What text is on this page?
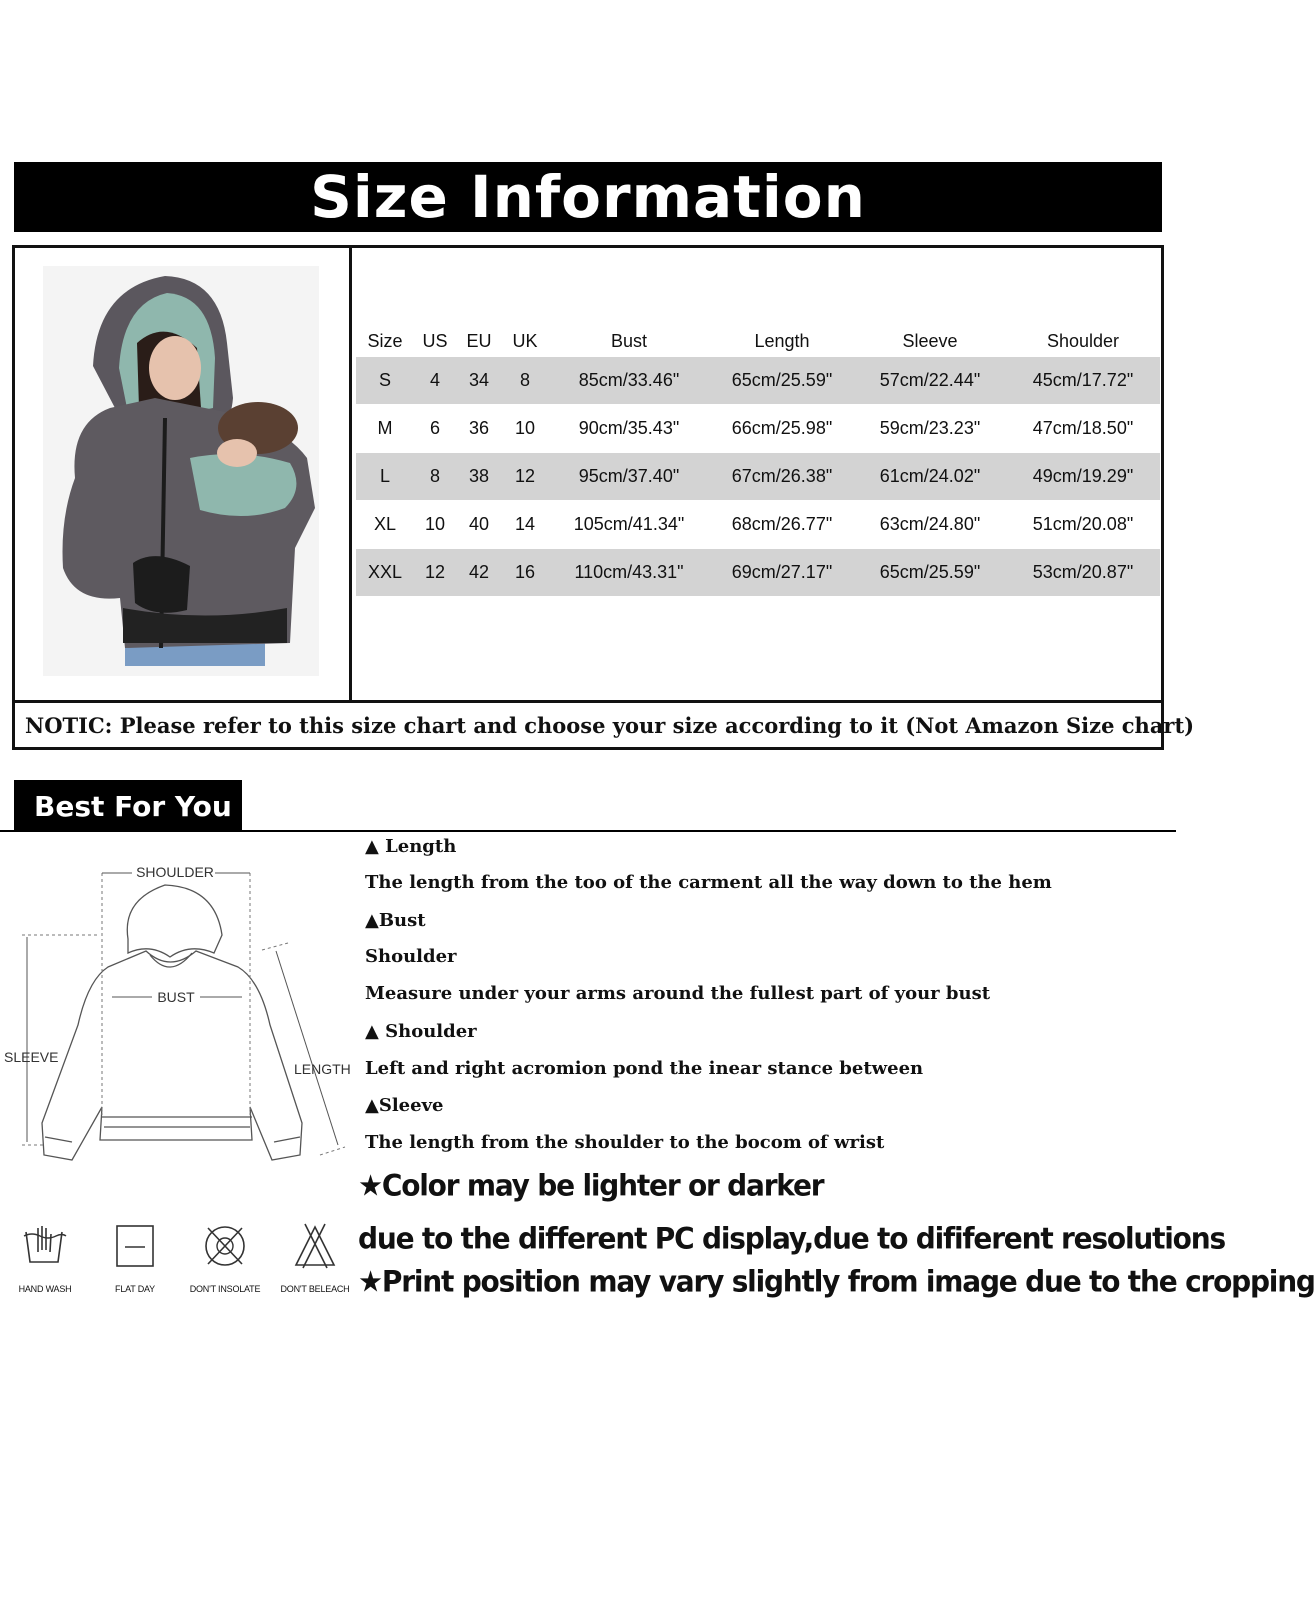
Size Information
NOTIC: Please refer to this size chart and choose your size according to it (Not Amazon Size chart)
Size	US	EU	UK	Bust	Length	Sleeve	Shoulder
S	4	34	8	85cm/33.46"	65cm/25.59"	57cm/22.44"	45cm/17.72"
M	6	36	10	90cm/35.43"	66cm/25.98"	59cm/23.23"	47cm/18.50"
L	8	38	12	95cm/37.40"	67cm/26.38"	61cm/24.02"	49cm/19.29"
XL	10	40	14	105cm/41.34"	68cm/26.77"	63cm/24.80"	51cm/20.08"
XXL	12	42	16	110cm/43.31"	69cm/27.17"	65cm/25.59"	53cm/20.87"
Best For You
SHOULDER
BUST
SLEEVE
LENGTH
HAND WASH	FLAT DAY	DON'T INSOLATE	DON'T BELEACH
▲ Length
The length from the too of the carment all the way down to the hem
▲Bust
Shoulder
Measure under your arms around the fullest part of your bust
▲ Shoulder
Left and right acromion pond the inear stance between
▲Sleeve
The length from the shoulder to the bocom of wrist
★Color may be lighter or darker
due to the different PC display,due to dififerent resolutions
★Print position may vary slightly from image due to the cropping
